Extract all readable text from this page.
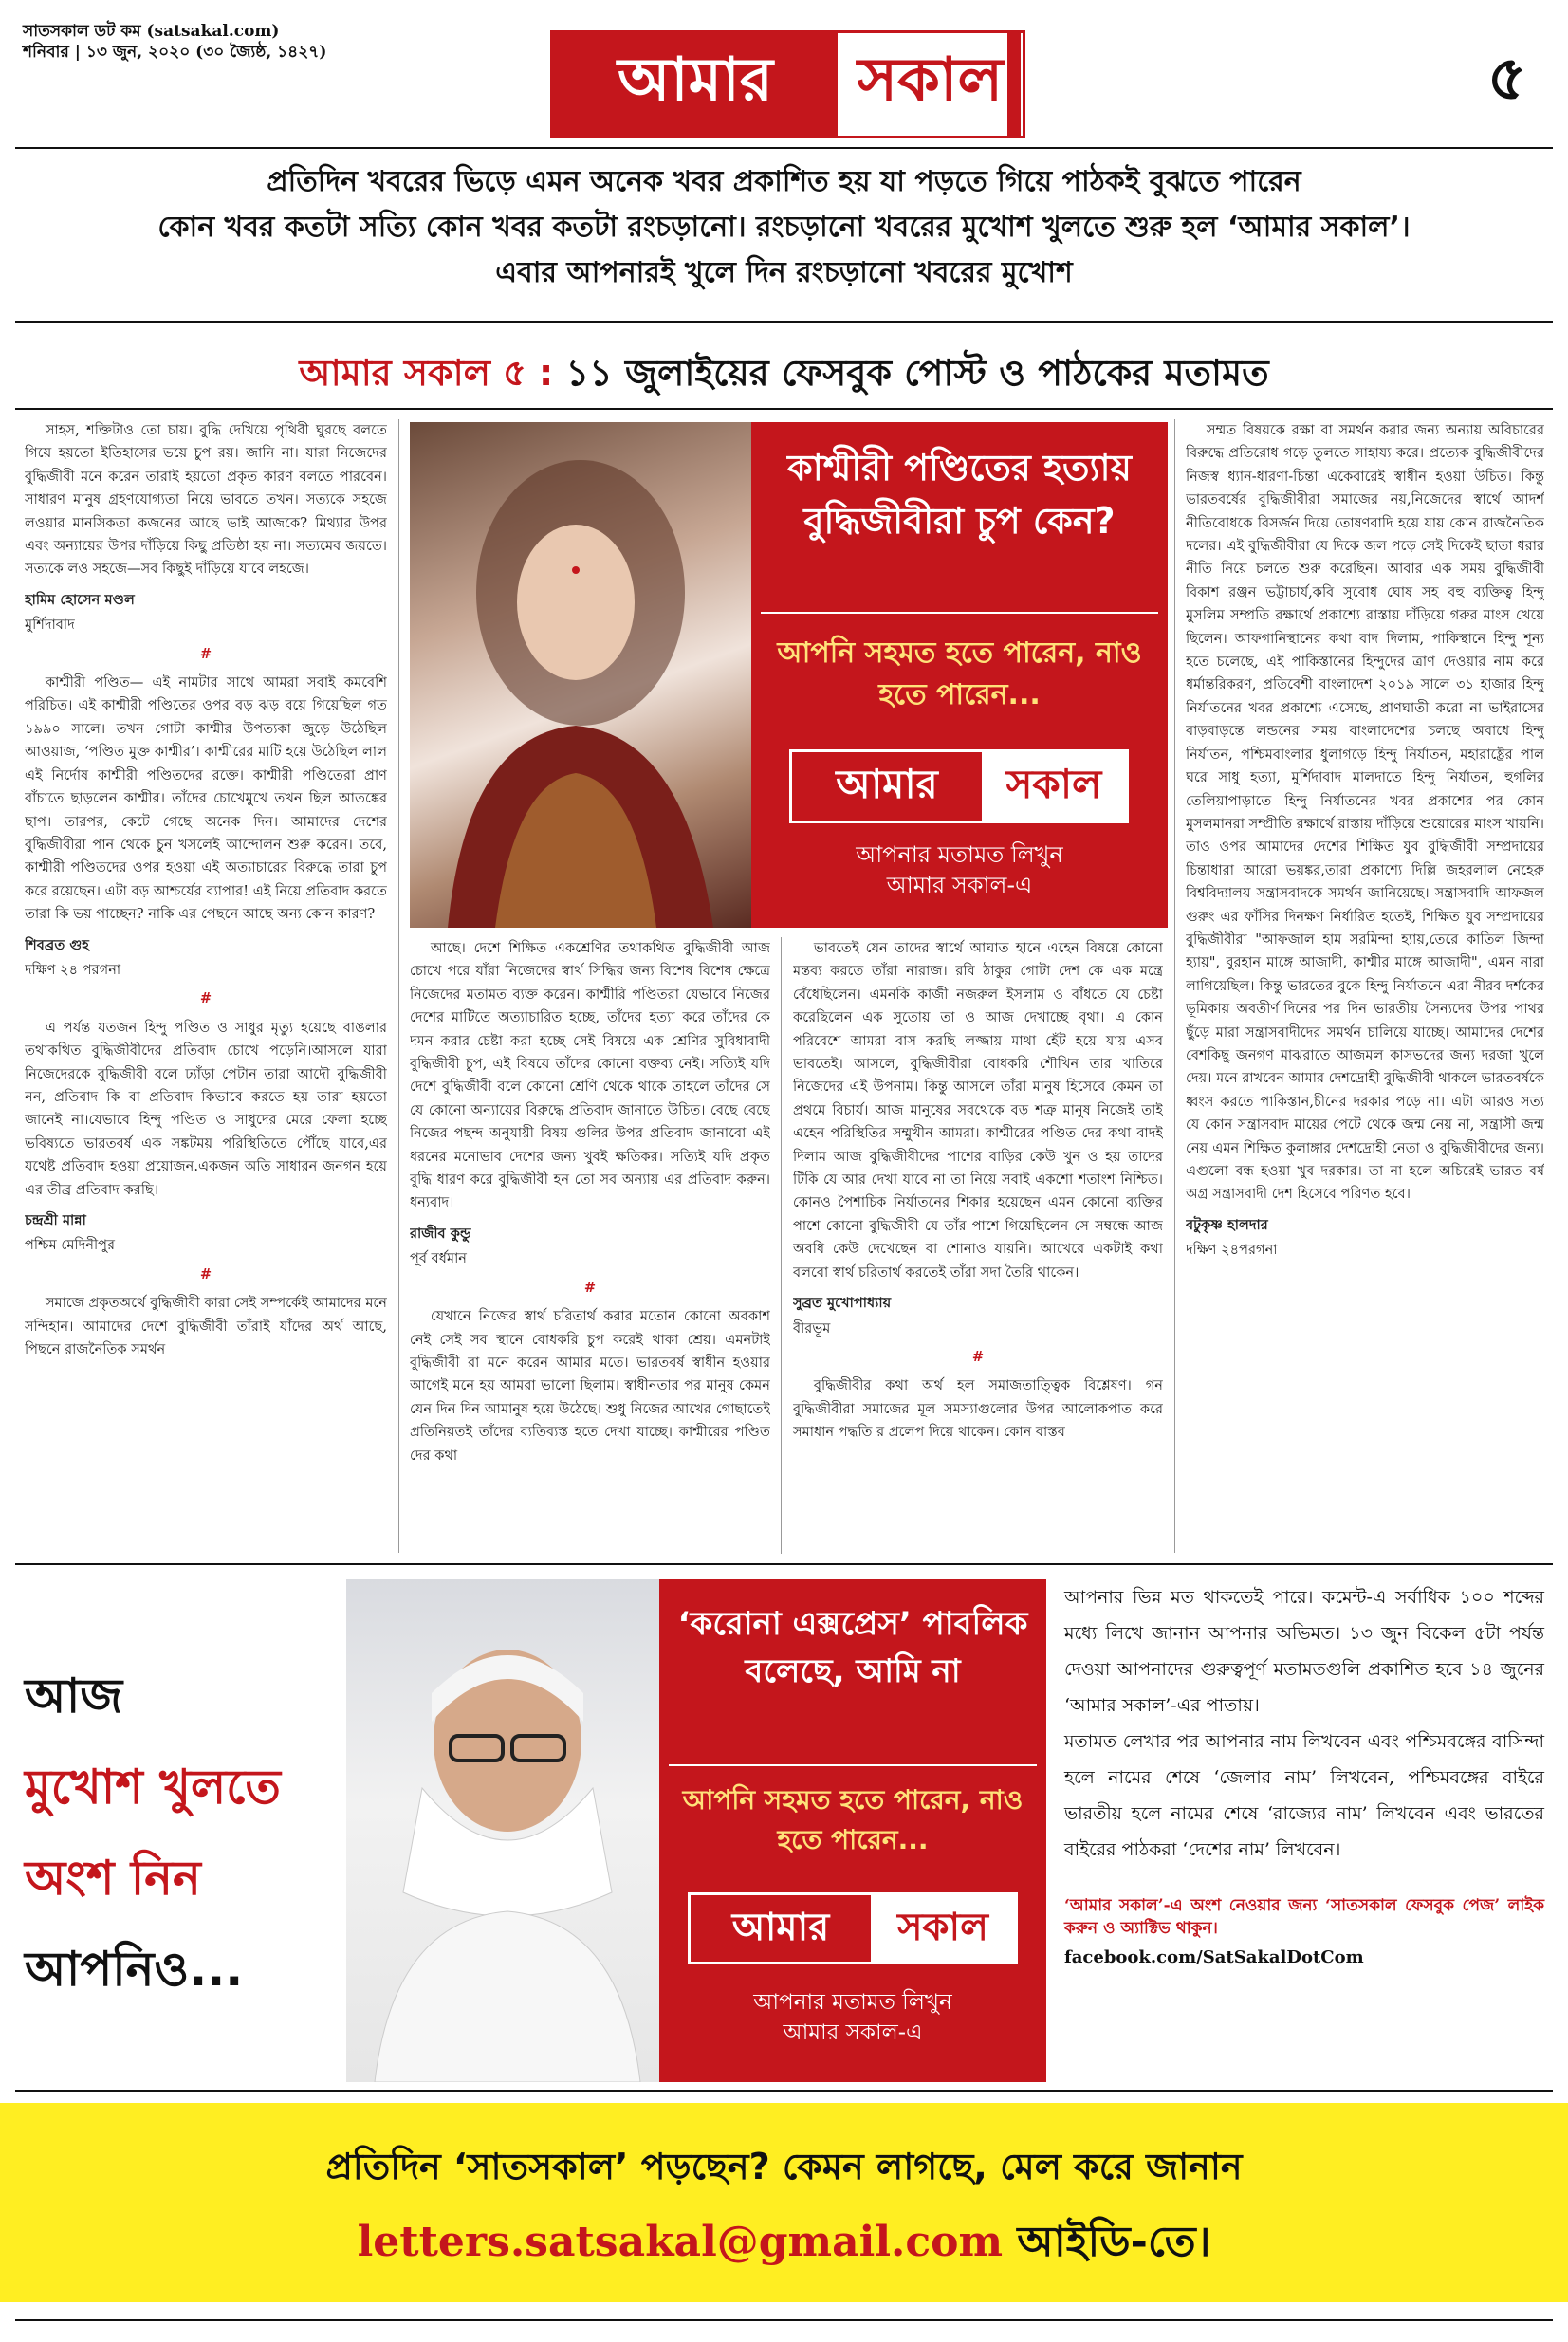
সাতসকাল ডট কম (satsakal.com)
শনিবার | ১৩ জুন, ২০২০ (৩০ জ্যৈষ্ঠ, ১৪২৭)	আমার	সকাল	৫
প্রতিদিন খবরের ভিড়ে এমন অনেক খবর প্রকাশিত হয় যা পড়তে গিয়ে পাঠকই বুঝতে পারেন
কোন খবর কতটা সত্যি কোন খবর কতটা রংচড়ানো। রংচড়ানো খবরের মুখোশ খুলতে শুরু হল ‘আমার সকাল’।
এবার আপনারই খুলে দিন রংচড়ানো খবরের মুখোশ
আমার সকাল ৫ : ১১ জুলাইয়ের ফেসবুক পোস্ট ও পাঠকের মতামত

সাহস, শক্তিটাও তো চায়। বুদ্ধি দেখিয়ে পৃথিবী ঘুরছে বলতে গিয়ে হয়তো ইতিহাসের ভয়ে চুপ রয়। জানি না। যারা নিজেদের বুদ্ধিজীবী মনে করেন তারাই হয়তো প্রকৃত কারণ বলতে পারবেন। সাধারণ মানুষ গ্রহণযোগ্যতা নিয়ে ভাবতে তখন। সত্যকে সহজে লওয়ার মানসিকতা কজনের আছে ভাই আজকে? মিথ্যার উপর এবং অন্যায়ের উপর দাঁড়িয়ে কিছু প্রতিষ্ঠা হয় না। সত্যমেব জয়তে। সত্যকে লও সহজে—সব কিছুই দাঁড়িয়ে যাবে লহজে।

হামিম হোসেন মণ্ডল

মুর্শিদাবাদ

#

কাশ্মীরী পণ্ডিত— এই নামটার সাথে আমরা সবাই কমবেশি পরিচিত। এই কাশ্মীরী পণ্ডিতের ওপর বড় ঝড় বয়ে গিয়েছিল গত ১৯৯০ সালে। তখন গোটা কাশ্মীর উপত্যকা জুড়ে উঠেছিল আওয়াজ, ‘পণ্ডিত মুক্ত কাশ্মীর’। কাশ্মীরের মাটি হয়ে উঠেছিল লাল এই নির্দোষ কাশ্মীরী পণ্ডিতদের রক্তে। কাশ্মীরী পণ্ডিতেরা প্রাণ বাঁচাতে ছাড়লেন কাশ্মীর। তাঁদের চোখেমুখে তখন ছিল আতঙ্কের ছাপ। তারপর, কেটে গেছে অনেক দিন। আমাদের দেশের বুদ্ধিজীবীরা পান থেকে চুন খসলেই আন্দোলন শুরু করেন। তবে, কাশ্মীরী পণ্ডিতদের ওপর হওয়া এই অত্যাচারের বিরুদ্ধে তারা চুপ করে রয়েছেন। এটা বড় আশ্চর্যের ব্যাপার! এই নিয়ে প্রতিবাদ করতে তারা কি ভয় পাচ্ছেন? নাকি এর পেছনে আছে অন্য কোন কারণ?

শিবব্রত গুহ

দক্ষিণ ২৪ পরগনা

#

এ পর্যন্ত যতজন হিন্দু পণ্ডিত ও সাধুর মৃত্যু হয়েছে বাঙলার তথাকথিত বুদ্ধিজীবীদের প্রতিবাদ চোখে পড়েনি।আসলে যারা নিজেদেরকে বুদ্ধিজীবী বলে ঢ্যাঁড়া পেটান তারা আদৌ বুদ্ধিজীবী নন, প্রতিবাদ কি বা প্রতিবাদ কিভাবে করতে হয় তারা হয়তো জানেই না।যেভাবে হিন্দু পণ্ডিত ও সাধুদের মেরে ফেলা হচ্ছে ভবিষ্যতে ভারতবর্ষ এক সঙ্কটময় পরিস্থিতিতে পৌঁছে যাবে,এর যথেষ্ট প্রতিবাদ হওয়া প্রয়োজন.একজন অতি সাধারন জনগন হয়ে এর তীব্র প্রতিবাদ করছি।

চন্দ্রশ্রী মান্না

পশ্চিম মেদিনীপুর

#

সমাজে প্রকৃতঅর্থে বুদ্ধিজীবী কারা সেই সম্পর্কেই আমাদের মনে সন্দিহান। আমাদের দেশে বুদ্ধিজীবী তাঁরাই যাঁদের অর্থ আছে, পিছনে রাজনৈতিক সমর্থন

কাশ্মীরী পণ্ডিতের হত্যায় বুদ্ধিজীবীরা চুপ কেন?
আপনি সহমত হতে পারেন, নাও হতে পারেন...
আমার	সকাল
আপনার মতামত লিখুন
আমার সকাল-এ

আছে। দেশে শিক্ষিত একশ্রেণির তথাকথিত বুদ্ধিজীবী আজ চোখে পরে যাঁরা নিজেদের স্বার্থ সিদ্ধির জন্য বিশেষ বিশেষ ক্ষেত্রে নিজেদের মতামত ব্যক্ত করেন। কাশ্মীরি পণ্ডিতরা যেভাবে নিজের দেশের মাটিতে অত্যাচারিত হচ্ছে, তাঁদের হত্যা করে তাঁদের কে দমন করার চেষ্টা করা হচ্ছে সেই বিষয়ে এক শ্রেণির সুবিধাবাদী বুদ্ধিজীবী চুপ, এই বিষয়ে তাঁদের কোনো বক্তব্য নেই। সত্যিই যদি দেশে বুদ্ধিজীবী বলে কোনো শ্রেণি থেকে থাকে তাহলে তাঁদের সে যে কোনো অন্যায়ের বিরুদ্ধে প্রতিবাদ জানাতে উচিত। বেছে বেছে নিজের পছন্দ অনুযায়ী বিষয় গুলির উপর প্রতিবাদ জানাবো এই ধরনের মনোভাব দেশের জন্য খুবই ক্ষতিকর। সত্যিই যদি প্রকৃত বুদ্ধি ধারণ করে বুদ্ধিজীবী হন তো সব অন্যায় এর প্রতিবাদ করুন। ধন্যবাদ।

রাজীব কুন্ডু

পূর্ব বর্ধমান

#

যেখানে নিজের স্বার্থ চরিতার্থ করার মতোন কোনো অবকাশ নেই সেই সব স্থানে বোধকরি চুপ করেই থাকা শ্রেয়। এমনটাই বুদ্ধিজীবী রা মনে করেন আমার মতে। ভারতবর্ষ স্বাধীন হওয়ার আগেই মনে হয় আমরা ভালো ছিলাম। স্বাধীনতার পর মানুষ কেমন যেন দিন দিন আমানুষ হয়ে উঠেছে। শুধু নিজের আখের গোছাতেই প্রতিনিয়তই তাঁদের ব্যতিব্যস্ত হতে দেখা যাচ্ছে। কাশ্মীরের পণ্ডিত দের কথা

ভাবতেই যেন তাদের স্বার্থে আঘাত হানে এহেন বিষয়ে কোনো মন্তব্য করতে তাঁরা নারাজ। রবি ঠাকুর গোটা দেশ কে এক মন্ত্রে বেঁধেছিলেন। এমনকি কাজী নজরুল ইসলাম ও বাঁধতে যে চেষ্টা করেছিলেন এক সুতোয় তা ও আজ দেখাচ্ছে বৃথা। এ কোন পরিবেশে আমরা বাস করছি লজ্জায় মাথা হেঁট হয়ে যায় এসব ভাবতেই। আসলে, বুদ্ধিজীবীরা বোধকরি শৌখিন তার খাতিরে নিজেদের এই উপনাম। কিন্তু আসলে তাঁরা মানুষ হিসেবে কেমন তা প্রথমে বিচার্য। আজ মানুষের সবথেকে বড় শত্রু মানুষ নিজেই তাই এহেন পরিস্থিতির সম্মুখীন আমরা। কাশ্মীরের পণ্ডিত দের কথা বাদই দিলাম আজ বুদ্ধিজীবীদের পাশের বাড়ির কেউ খুন ও হয় তাদের টিকি যে আর দেখা যাবে না তা নিয়ে সবাই একশো শতাংশ নিশ্চিত। কোনও পৈশাচিক নির্যাতনের শিকার হয়েছেন এমন কোনো ব্যক্তির পাশে কোনো বুদ্ধিজীবী যে তাঁর পাশে গিয়েছিলেন সে সম্বন্ধে আজ অবধি কেউ দেখেছেন বা শোনাও যায়নি। আখেরে একটাই কথা বলবো স্বার্থ চরিতার্থ করতেই তাঁরা সদা তৈরি থাকেন।

সুব্রত মুখোপাধ্যায়

বীরভূম

#

বুদ্ধিজীবীর কথা অর্থ হল সমাজতাত্ত্বিক বিশ্লেষণ। গন বুদ্ধিজীবীরা সমাজের মূল সমস্যাগুলোর উপর আলোকপাত করে সমাধান পদ্ধতি র প্রলেপ দিয়ে থাকেন। কোন বাস্তব

সম্মত বিষয়কে রক্ষা বা সমর্থন করার জন্য অন্যায় অবিচারের বিরুদ্ধে প্রতিরোধ গড়ে তুলতে সাহায্য করে। প্রত্যেক বুদ্ধিজীবীদের নিজস্ব ধ্যান-ধারণা-চিন্তা একেবারেই স্বাধীন হওয়া উচিত। কিন্তু ভারতবর্ষের বুদ্ধিজীবীরা সমাজের নয়,নিজেদের স্বার্থে আদর্শ নীতিবোধকে বিসর্জন দিয়ে তোষণবাদি হয়ে যায় কোন রাজনৈতিক দলের। এই বুদ্ধিজীবীরা যে দিকে জল পড়ে সেই দিকেই ছাতা ধরার নীতি নিয়ে চলতে শুরু করেছিন। আবার এক সময় বুদ্ধিজীবী বিকাশ রঞ্জন ভট্টাচার্য,কবি সুবোধ ঘোষ সহ বহু ব্যক্তিত্ব হিন্দু মুসলিম সম্প্রতি রক্ষার্থে প্রকাশ্যে রাস্তায় দাঁড়িয়ে গরুর মাংস খেয়ে ছিলেন। আফগানিস্থানের কথা বাদ দিলাম, পাকিস্থানে হিন্দু শূন্য হতে চলেছে, এই পাকিস্তানের হিন্দুদের ত্রাণ দেওয়ার নাম করে ধর্মান্তরিকরণ, প্রতিবেশী বাংলাদেশ ২০১৯ সালে ৩১ হাজার হিন্দু নির্যাতনের খবর প্রকাশ্যে এসেছে, প্রাণঘাতী করো না ভাইরাসের বাড়বাড়ন্তে লন্ডনের সময় বাংলাদেশের চলছে অবাধে হিন্দু নির্যাতন, পশ্চিমবাংলার ধুলাগড়ে হিন্দু নির্যাতন, মহারাষ্ট্রের পাল ঘরে সাধু হত্যা, মুর্শিদাবাদ মালদাতে হিন্দু নির্যাতন, হুগলির তেলিয়াপাড়াতে হিন্দু নির্যাতনের খবর প্রকাশের পর কোন মুসলমানরা সম্প্রীতি রক্ষার্থে রাস্তায় দাঁড়িয়ে শুয়োরের মাংস খায়নি। তাও ওপর আমাদের দেশের শিক্ষিত যুব বুদ্ধিজীবী সম্প্রদায়ের চিন্তাধারা আরো ভয়ঙ্কর,তারা প্রকাশ্যে দিল্লি জহরলাল নেহেরু বিশ্ববিদ্যালয় সন্ত্রাসবাদকে সমর্থন জানিয়েছে। সন্ত্রাসবাদি আফজল গুরুং এর ফাঁসির দিনক্ষণ নির্ধারিত হতেই, শিক্ষিত যুব সম্প্রদায়ের বুদ্ধিজীবীরা "আফজাল হাম সরমিন্দা হ্যায়,তেরে কাতিল জিন্দা হ্যায়", বুরহান মাঙ্গে আজাদী, কাশ্মীর মাঙ্গে আজাদী", এমন নারা লাগিয়েছিল। কিন্তু ভারতের বুকে হিন্দু নির্যাতনে এরা নীরব দর্শকের ভূমিকায় অবতীর্ণ।দিনের পর দিন ভারতীয় সৈন্যদের উপর পাথর ছুঁড়ে মারা সন্ত্রাসবাদীদের সমর্থন চালিয়ে যাচ্ছে। আমাদের দেশের বেশকিছু জনগণ মাঝরাতে আজমল কাসভদের জন্য দরজা খুলে দেয়। মনে রাখবেন আমার দেশদ্রোহী বুদ্ধিজীবী থাকলে ভারতবর্ষকে ধ্বংস করতে পাকিস্তান,চীনের দরকার পড়ে না। এটা আরও সত্য যে কোন সন্ত্রাসবাদ মায়ের পেটে থেকে জন্ম নেয় না, সন্ত্রাসী জন্ম নেয় এমন শিক্ষিত কুলাঙ্গার দেশদ্রোহী নেতা ও বুদ্ধিজীবীদের জন্য। এগুলো বন্ধ হওয়া খুব দরকার। তা না হলে অচিরেই ভারত বর্ষ অগ্র সন্ত্রাসবাদী দেশ হিসেবে পরিণত হবে।

বটুকৃষ্ণ হালদার

দক্ষিণ ২৪পরগনা

আজ
মুখোশ খুলতে
অংশ নিন
আপনিও...
‘করোনা এক্সপ্রেস’ পাবলিক বলেছে, আমি না
আপনি সহমত হতে পারেন, নাও হতে পারেন...
আমার	সকাল
আপনার মতামত লিখুন
আমার সকাল-এ

আপনার ভিন্ন মত থাকতেই পারে। কমেন্ট-এ সর্বাধিক ১০০ শব্দের মধ্যে লিখে জানান আপনার অভিমত। ১৩ জুন বিকেল ৫টা পর্যন্ত দেওয়া আপনাদের গুরুত্বপূর্ণ মতামতগুলি প্রকাশিত হবে ১৪ জুনের ‘আমার সকাল’-এর পাতায়।

মতামত লেখার পর আপনার নাম লিখবেন এবং পশ্চিমবঙ্গের বাসিন্দা হলে নামের শেষে ‘জেলার নাম’ লিখবেন, পশ্চিমবঙ্গের বাইরে ভারতীয় হলে নামের শেষে ‘রাজ্যের নাম’ লিখবেন এবং ভারতের বাইরের পাঠকরা ‘দেশের নাম’ লিখবেন।

‘আমার সকাল’-এ অংশ নেওয়ার জন্য ‘সাতসকাল ফেসবুক পেজ’ লাইক করুন ও অ্যাক্টিভ থাকুন।

facebook.com/SatSakalDotCom

প্রতিদিন ‘সাতসকাল’ পড়ছেন? কেমন লাগছে, মেল করে জানান
letters.satsakal@gmail.com আইডি-তে।
